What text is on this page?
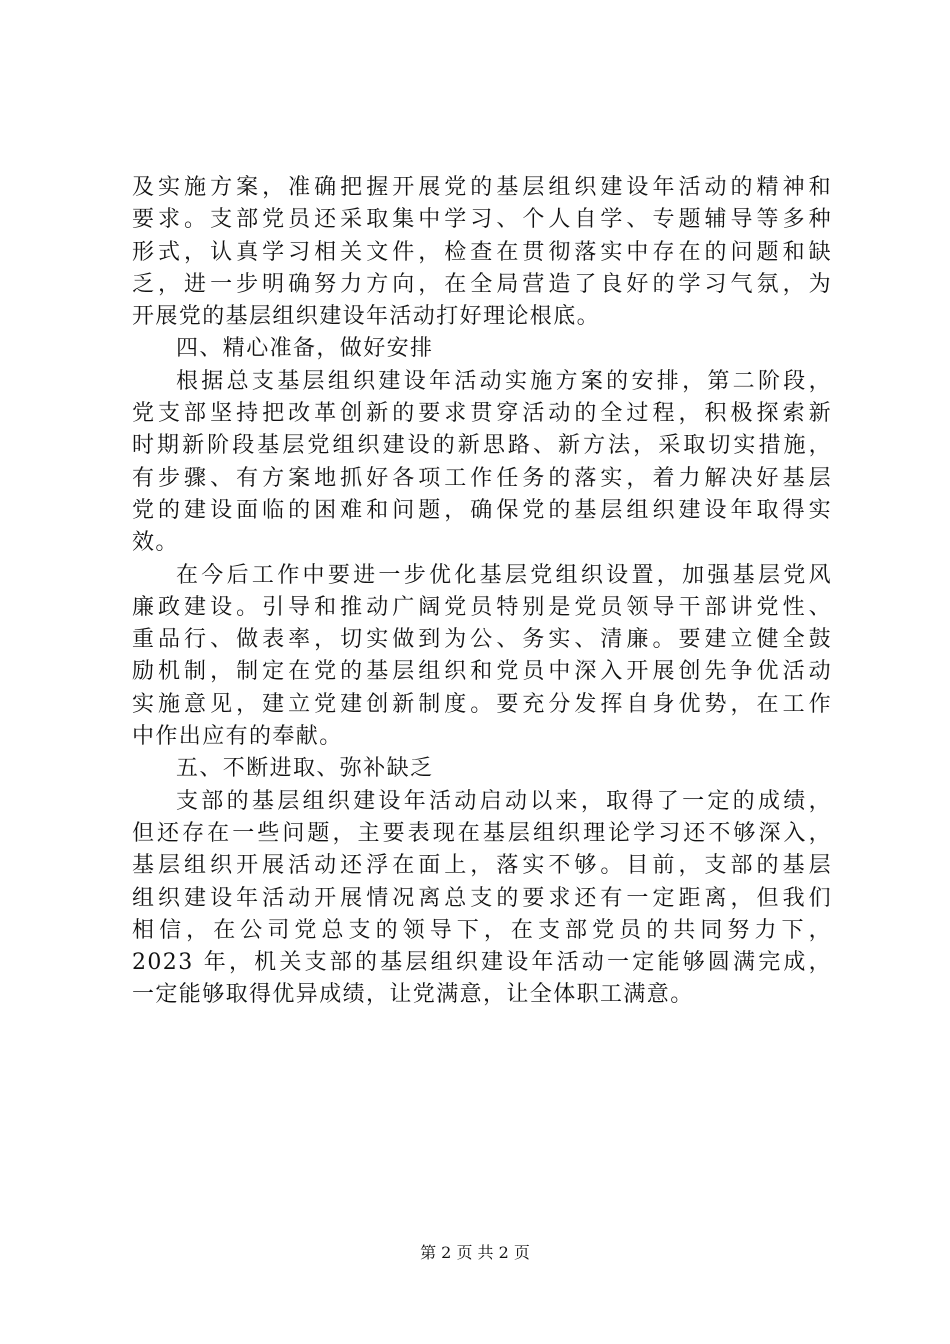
及实施方案，准确把握开展党的基层组织建设年活动的精神和
要求。支部党员还采取集中学习、个人自学、专题辅导等多种
形式，认真学习相关文件，检查在贯彻落实中存在的问题和缺
乏，进一步明确努力方向，在全局营造了良好的学习气氛，为
开展党的基层组织建设年活动打好理论根底。
四、精心准备，做好安排
根据总支基层组织建设年活动实施方案的安排，第二阶段，
党支部坚持把改革创新的要求贯穿活动的全过程，积极探索新
时期新阶段基层党组织建设的新思路、新方法，采取切实措施，
有步骤、有方案地抓好各项工作任务的落实，着力解决好基层
党的建设面临的困难和问题，确保党的基层组织建设年取得实
效。
在今后工作中要进一步优化基层党组织设置，加强基层党风
廉政建设。引导和推动广阔党员特别是党员领导干部讲党性、
重品行、做表率，切实做到为公、务实、清廉。要建立健全鼓
励机制，制定在党的基层组织和党员中深入开展创先争优活动
实施意见，建立党建创新制度。要充分发挥自身优势，在工作
中作出应有的奉献。
五、不断进取、弥补缺乏
支部的基层组织建设年活动启动以来，取得了一定的成绩，
但还存在一些问题，主要表现在基层组织理论学习还不够深入，
基层组织开展活动还浮在面上，落实不够。目前，支部的基层
组织建设年活动开展情况离总支的要求还有一定距离，但我们
相信，在公司党总支的领导下，在支部党员的共同努力下，
2023 年，机关支部的基层组织建设年活动一定能够圆满完成，
一定能够取得优异成绩，让党满意，让全体职工满意。
第 2 页 共 2 页
